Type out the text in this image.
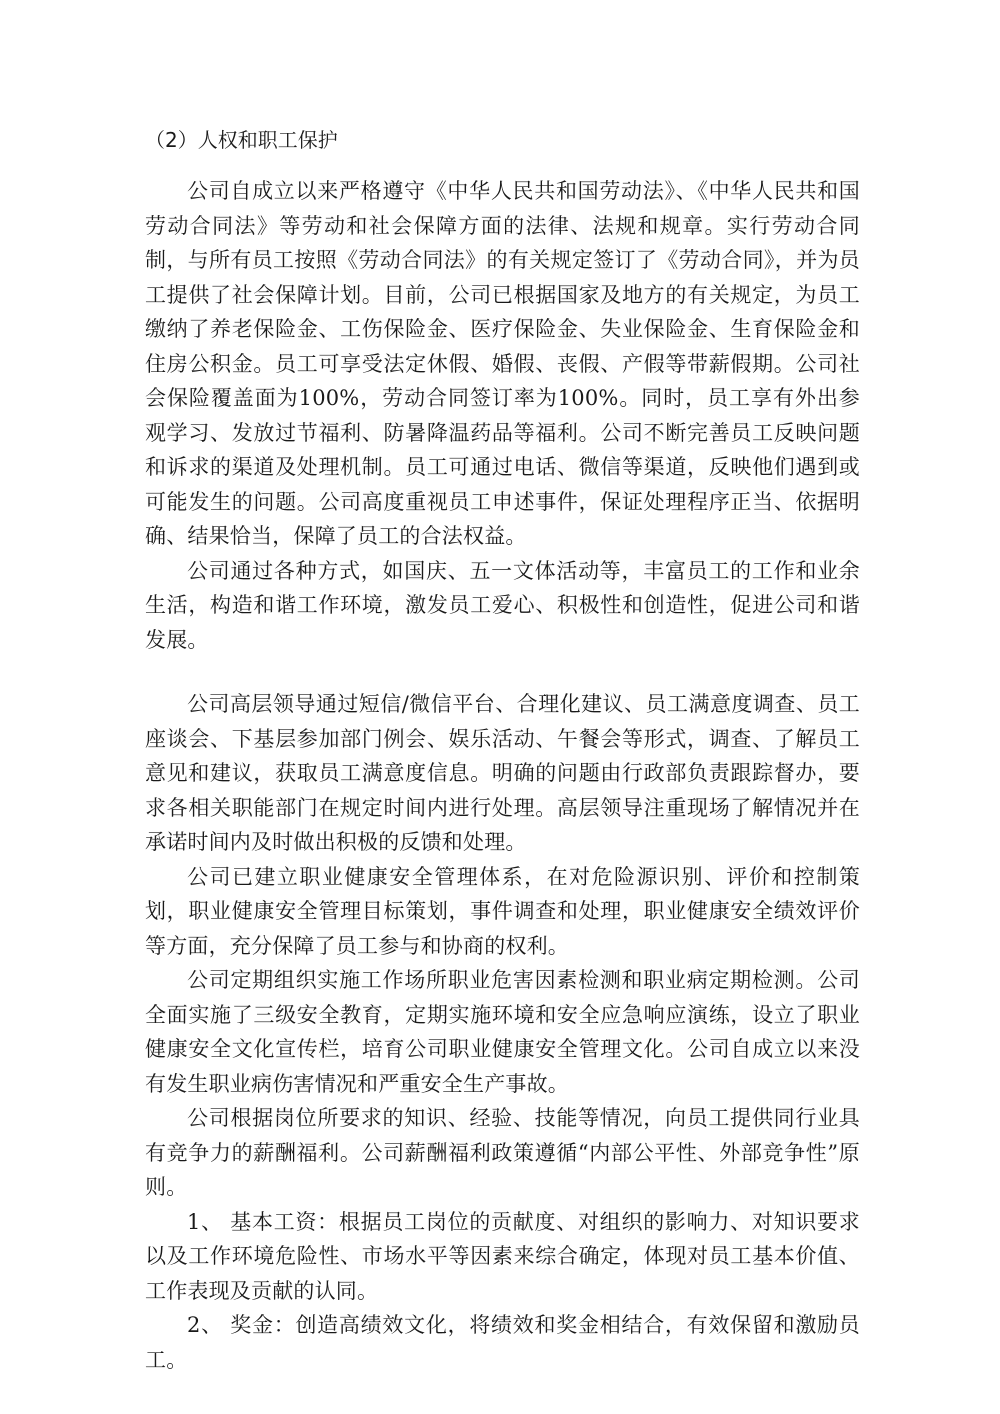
（2）人权和职工保护

公司自成立以来严格遵守《中华人民共和国劳动法》、《中华人民共和国劳动合同法》等劳动和社会保障方面的法律、法规和规章。实行劳动合同制，与所有员工按照《劳动合同法》的有关规定签订了《劳动合同》，并为员工提供了社会保障计划。目前，公司已根据国家及地方的有关规定，为员工缴纳了养老保险金、工伤保险金、医疗保险金、失业保险金、生育保险金和住房公积金。员工可享受法定休假、婚假、丧假、产假等带薪假期。公司社会保险覆盖面为100%，劳动合同签订率为100%。同时，员工享有外出参观学习、发放过节福利、防暑降温药品等福利。公司不断完善员工反映问题和诉求的渠道及处理机制。员工可通过电话、微信等渠道，反映他们遇到或可能发生的问题。公司高度重视员工申述事件，保证处理程序正当、依据明确、结果恰当，保障了员工的合法权益。

公司通过各种方式，如国庆、五一文体活动等，丰富员工的工作和业余生活，构造和谐工作环境，激发员工爱心、积极性和创造性，促进公司和谐发展。

公司高层领导通过短信/微信平台、合理化建议、员工满意度调查、员工座谈会、下基层参加部门例会、娱乐活动、午餐会等形式，调查、了解员工意见和建议，获取员工满意度信息。明确的问题由行政部负责跟踪督办，要求各相关职能部门在规定时间内进行处理。高层领导注重现场了解情况并在承诺时间内及时做出积极的反馈和处理。

公司已建立职业健康安全管理体系，在对危险源识别、评价和控制策划，职业健康安全管理目标策划，事件调查和处理，职业健康安全绩效评价等方面，充分保障了员工参与和协商的权利。

公司定期组织实施工作场所职业危害因素检测和职业病定期检测。公司全面实施了三级安全教育，定期实施环境和安全应急响应演练，设立了职业健康安全文化宣传栏，培育公司职业健康安全管理文化。公司自成立以来没有发生职业病伤害情况和严重安全生产事故。

公司根据岗位所要求的知识、经验、技能等情况，向员工提供同行业具有竞争力的薪酬福利。公司薪酬福利政策遵循“内部公平性、外部竞争性”原则。

1、 基本工资：根据员工岗位的贡献度、对组织的影响力、对知识要求以及工作环境危险性、市场水平等因素来综合确定，体现对员工基本价值、工作表现及贡献的认同。

2、 奖金：创造高绩效文化，将绩效和奖金相结合，有效保留和激励员工。
